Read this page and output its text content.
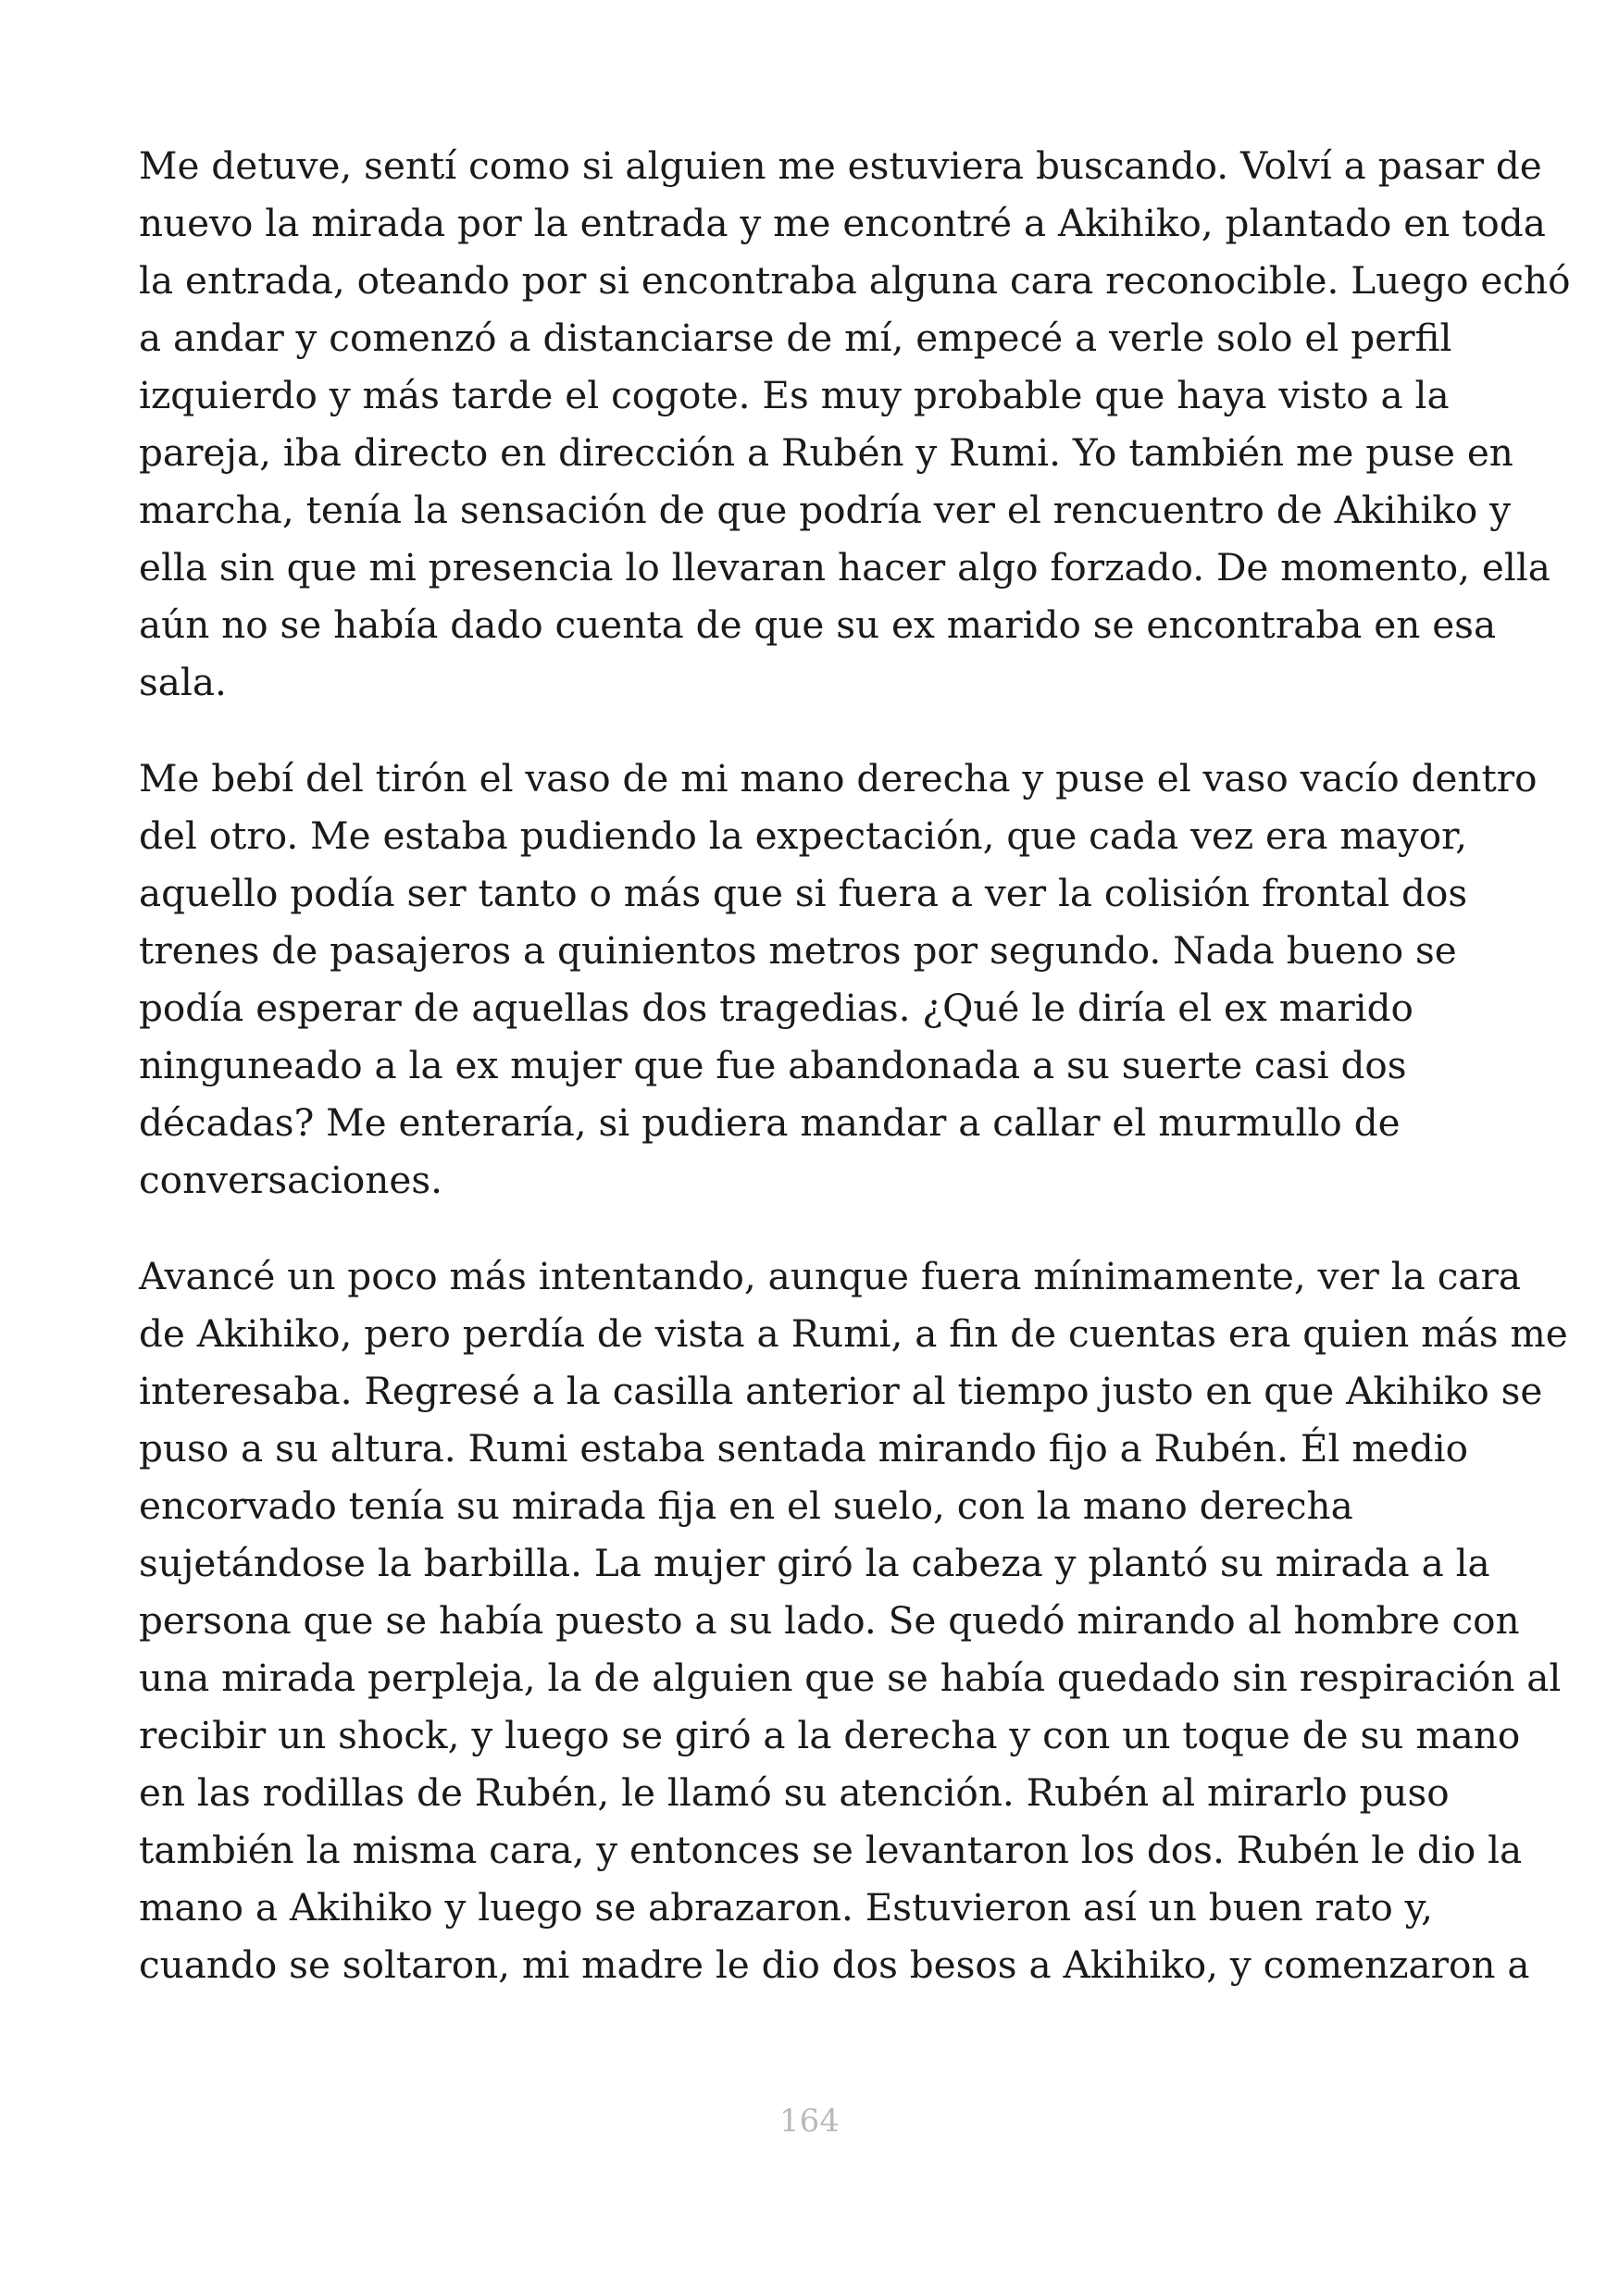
Me detuve, sentí como si alguien me estuviera buscando. Volví a pasar de
nuevo la mirada por la entrada y me encontré a Akihiko, plantado en toda
la entrada, oteando por si encontraba alguna cara reconocible. Luego echó
a andar y comenzó a distanciarse de mí, empecé a verle solo el perfil
izquierdo y más tarde el cogote. Es muy probable que haya visto a la
pareja, iba directo en dirección a Rubén y Rumi. Yo también me puse en
marcha, tenía la sensación de que podría ver el rencuentro de Akihiko y
ella sin que mi presencia lo llevaran hacer algo forzado. De momento, ella
aún no se había dado cuenta de que su ex marido se encontraba en esa
sala.

Me bebí del tirón el vaso de mi mano derecha y puse el vaso vacío dentro
del otro. Me estaba pudiendo la expectación, que cada vez era mayor,
aquello podía ser tanto o más que si fuera a ver la colisión frontal dos
trenes de pasajeros a quinientos metros por segundo. Nada bueno se
podía esperar de aquellas dos tragedias. ¿Qué le diría el ex marido
ninguneado a la ex mujer que fue abandonada a su suerte casi dos
décadas? Me enteraría, si pudiera mandar a callar el murmullo de
conversaciones.

Avancé un poco más intentando, aunque fuera mínimamente, ver la cara
de Akihiko, pero perdía de vista a Rumi, a fin de cuentas era quien más me
interesaba. Regresé a la casilla anterior al tiempo justo en que Akihiko se
puso a su altura. Rumi estaba sentada mirando fijo a Rubén. Él medio
encorvado tenía su mirada fija en el suelo, con la mano derecha
sujetándose la barbilla. La mujer giró la cabeza y plantó su mirada a la
persona que se había puesto a su lado. Se quedó mirando al hombre con
una mirada perpleja, la de alguien que se había quedado sin respiración al
recibir un shock, y luego se giró a la derecha y con un toque de su mano
en las rodillas de Rubén, le llamó su atención. Rubén al mirarlo puso
también la misma cara, y entonces se levantaron los dos. Rubén le dio la
mano a Akihiko y luego se abrazaron. Estuvieron así un buen rato y,
cuando se soltaron, mi madre le dio dos besos a Akihiko, y comenzaron a

164
